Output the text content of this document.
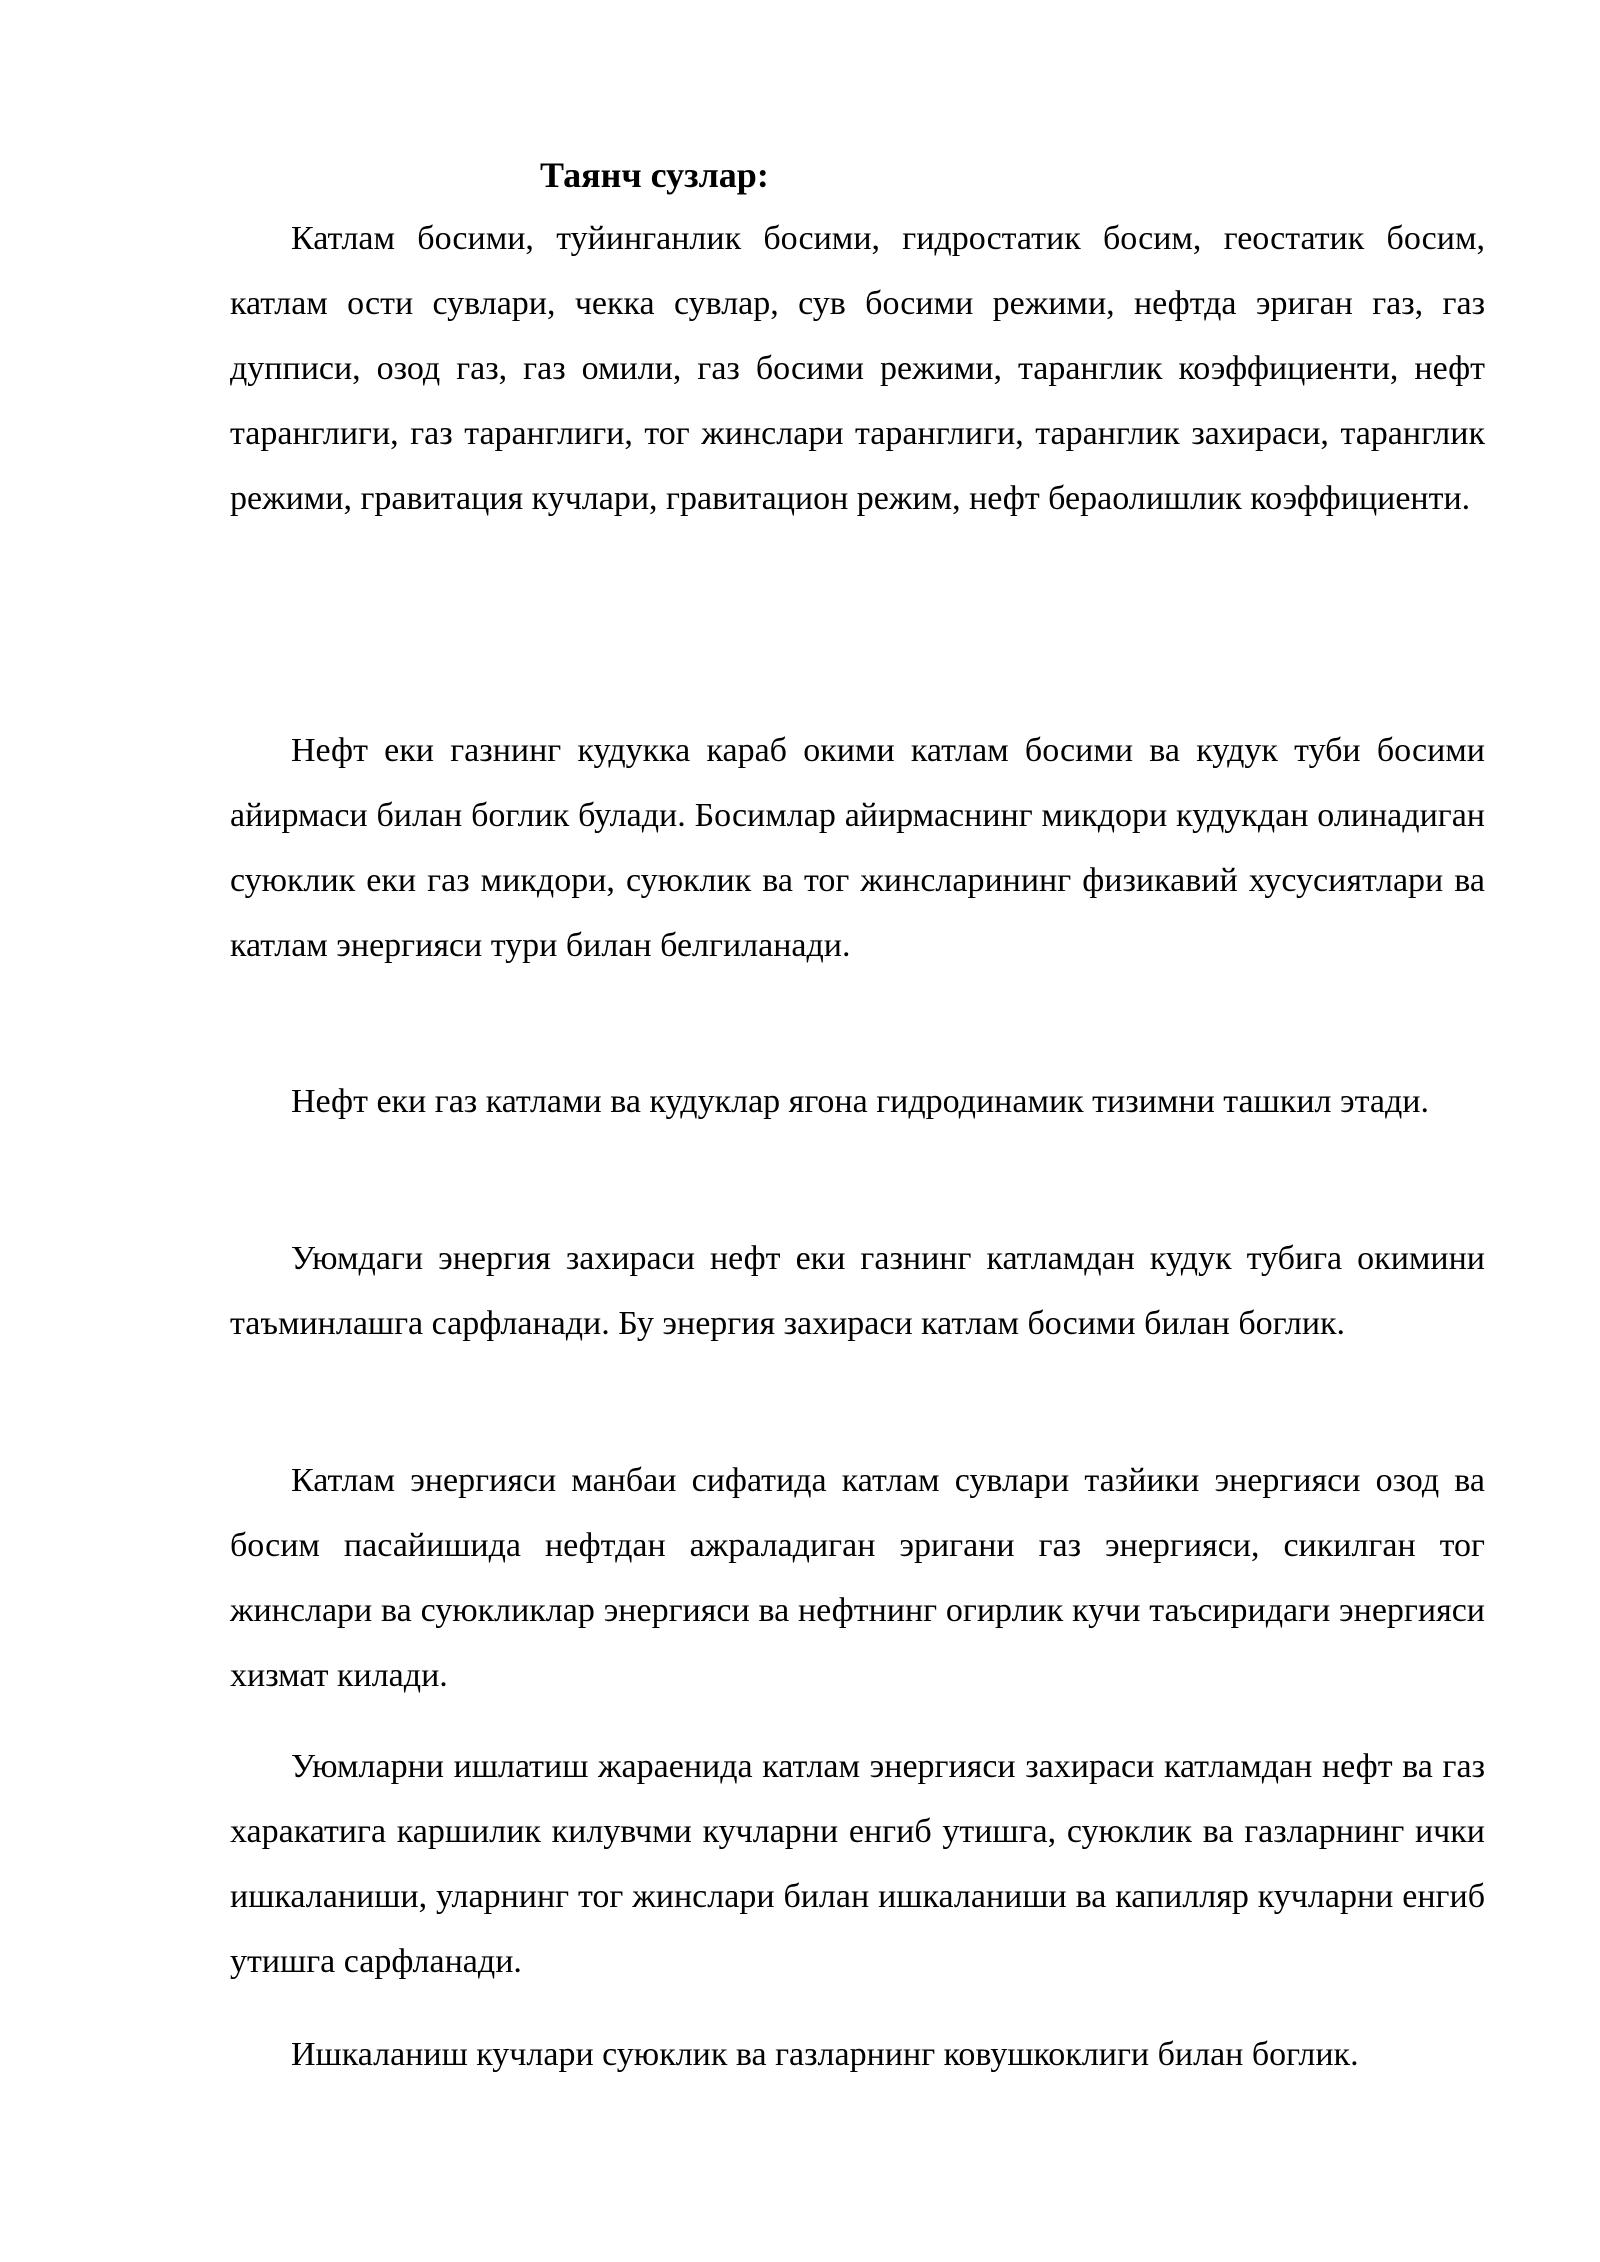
Таянч сузлар:

Катлам босими, туйинганлик босими, гидростатик босим, геостатик босим, катлам ости сувлари, чекка сувлар, сув босими режими, нефтда эриган газ, газ дупписи, озод газ, газ омили, газ босими режими, таранглик коэффициенти, нефт таранглиги, газ таранглиги, тог жинслари таранглиги, таранглик захираси, таранглик режими, гравитация кучлари, гравитацион режим, нефт бераолишлик коэффициенти.

Нефт еки газнинг кудукка караб окими катлам босими ва кудук туби босими айирмаси билан боглик булади. Босимлар айирмаснинг микдори кудукдан олинадиган суюклик еки газ микдори, суюклик ва тог жинсларининг физикавий хусусиятлари ва катлам энергияси тури билан белгиланади.

Нефт еки газ катлами ва кудуклар ягона гидродинамик тизимни ташкил этади.

Уюмдаги энергия захираси нефт еки газнинг катламдан кудук тубига окимини таъминлашга сарфланади. Бу энергия захираси катлам босими билан боглик.

Катлам энергияси манбаи сифатида катлам сувлари тазйики энергияси озод ва босим пасайишида нефтдан ажраладиган эригани газ энергияси, сикилган тог жинслари ва суюкликлар энергияси ва нефтнинг огирлик кучи таъсиридаги энергияси хизмат килади.

Уюмларни ишлатиш жараенида катлам энергияси захираси катламдан нефт ва газ харакатига каршилик килувчми кучларни енгиб утишга, суюклик ва газларнинг ички ишкаланиши, уларнинг тог жинслари билан ишкаланиши ва капилляр кучларни енгиб утишга сарфланади.

Ишкаланиш кучлари суюклик ва газларнинг ковушкоклиги билан боглик.
